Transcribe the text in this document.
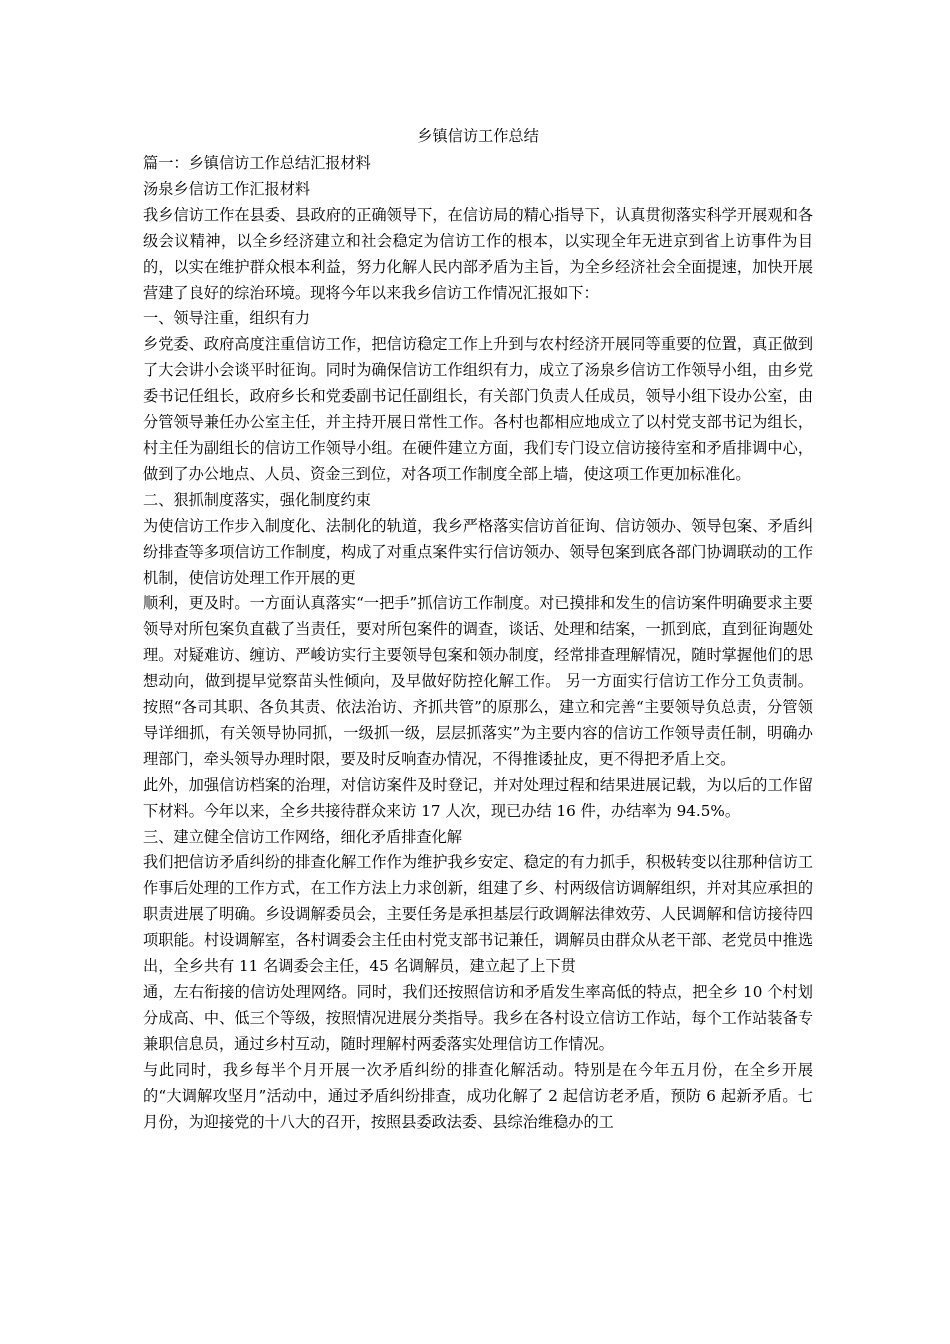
乡镇信访工作总结

篇一：乡镇信访工作总结汇报材料

汤泉乡信访工作汇报材料

我乡信访工作在县委、县政府的正确领导下，在信访局的精心指导下，认真贯彻落实科学开展观和各级会议精神，以全乡经济建立和社会稳定为信访工作的根本，以实现全年无进京到省上访事件为目的，以实在维护群众根本利益，努力化解人民内部矛盾为主旨，为全乡经济社会全面提速，加快开展营建了良好的综治环境。现将今年以来我乡信访工作情况汇报如下：

一、领导注重，组织有力

乡党委、政府高度注重信访工作，把信访稳定工作上升到与农村经济开展同等重要的位置，真正做到了大会讲小会谈平时征询。同时为确保信访工作组织有力，成立了汤泉乡信访工作领导小组，由乡党委书记任组长，政府乡长和党委副书记任副组长，有关部门负责人任成员，领导小组下设办公室，由分管领导兼任办公室主任，并主持开展日常性工作。各村也都相应地成立了以村党支部书记为组长，村主任为副组长的信访工作领导小组。在硬件建立方面，我们专门设立信访接待室和矛盾排调中心，做到了办公地点、人员、资金三到位，对各项工作制度全部上墙，使这项工作更加标准化。

二、狠抓制度落实，强化制度约束

为使信访工作步入制度化、法制化的轨道，我乡严格落实信访首征询、信访领办、领导包案、矛盾纠纷排查等多项信访工作制度，构成了对重点案件实行信访领办、领导包案到底各部门协调联动的工作机制，使信访处理工作开展的更

顺利，更及时。一方面认真落实“一把手”抓信访工作制度。对已摸排和发生的信访案件明确要求主要领导对所包案负直截了当责任，要对所包案件的调查，谈话、处理和结案，一抓到底，直到征询题处理。对疑难访、缠访、严峻访实行主要领导包案和领办制度，经常排查理解情况，随时掌握他们的思想动向，做到提早觉察苗头性倾向，及早做好防控化解工作。 另一方面实行信访工作分工负责制。按照“各司其职、各负其责、依法治访、齐抓共管”的原那么，建立和完善“主要领导负总责，分管领导详细抓，有关领导协同抓，一级抓一级，层层抓落实”为主要内容的信访工作领导责任制，明确办理部门，牵头领导办理时限，要及时反响查办情况，不得推诿扯皮，更不得把矛盾上交。

此外，加强信访档案的治理，对信访案件及时登记，并对处理过程和结果进展记载，为以后的工作留下材料。今年以来，全乡共接待群众来访 17 人次，现已办结 16 件，办结率为 94.5%。

三、建立健全信访工作网络，细化矛盾排查化解

我们把信访矛盾纠纷的排查化解工作作为维护我乡安定、稳定的有力抓手，积极转变以往那种信访工作事后处理的工作方式，在工作方法上力求创新，组建了乡、村两级信访调解组织，并对其应承担的职责进展了明确。乡设调解委员会，主要任务是承担基层行政调解法律效劳、人民调解和信访接待四项职能。村设调解室，各村调委会主任由村党支部书记兼任，调解员由群众从老干部、老党员中推选出，全乡共有 11 名调委会主任，45 名调解员，建立起了上下贯

通，左右衔接的信访处理网络。同时，我们还按照信访和矛盾发生率高低的特点，把全乡 10 个村划分成高、中、低三个等级，按照情况进展分类指导。我乡在各村设立信访工作站，每个工作站装备专兼职信息员，通过乡村互动，随时理解村两委落实处理信访工作情况。

与此同时，我乡每半个月开展一次矛盾纠纷的排查化解活动。特别是在今年五月份，在全乡开展的“大调解攻坚月”活动中，通过矛盾纠纷排查，成功化解了 2 起信访老矛盾，预防 6 起新矛盾。七月份，为迎接党的十八大的召开，按照县委政法委、县综治维稳办的工
